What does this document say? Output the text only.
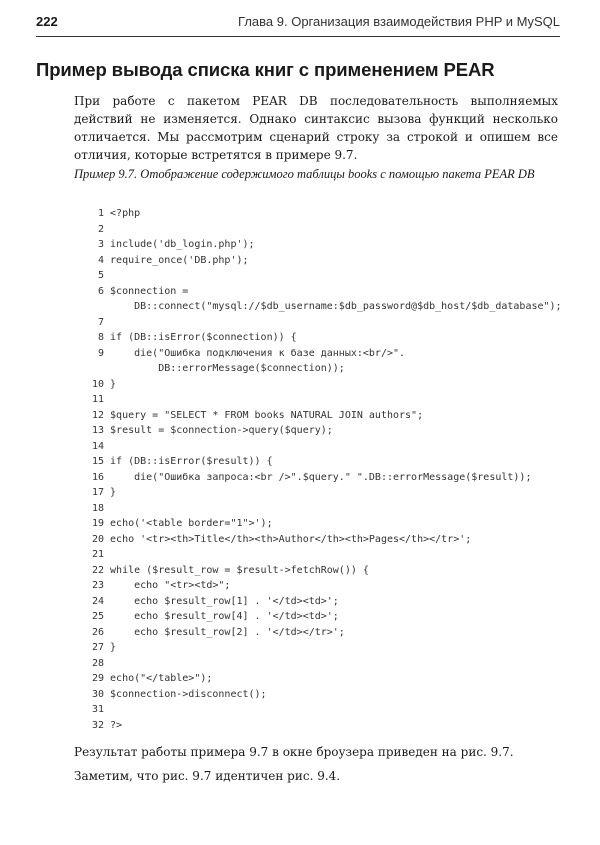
222	Глава 9. Организация взаимодействия PHP и MySQL
Пример вывода списка книг с применением PEAR

При работе с пакетом PEAR DB последовательность выполняемых действий не изменяется. Однако синтаксис вызова функций несколько отличается. Мы рассмотрим сценарий строку за строкой и опишем все отличия, которые встретятся в примере 9.7.

Пример 9.7. Отображение содержимого таблицы books с помощью пакета PEAR DB

1 <?php
2
3 include('db_login.php');
4 require_once('DB.php');
5
6 $connection =
DB::connect("mysql://$db_username:$db_password@$db_host/$db_database");
7
8 if (DB::isError($connection)) {
9     die("Ошибка подключения к базе данных:<br/>".
DB::errorMessage($connection));
10 }
11
12 $query = "SELECT * FROM books NATURAL JOIN authors";
13 $result = $connection->query($query);
14
15 if (DB::isError($result)) {
16     die("Ошибка запроса:<br />".$query." ".DB::errorMessage($result));
17 }
18
19 echo('<table border="1">');
20 echo '<tr><th>Title</th><th>Author</th><th>Pages</th></tr>';
21
22 while ($result_row = $result->fetchRow()) {
23     echo "<tr><td>";
24     echo $result_row[1] . '</td><td>';
25     echo $result_row[4] . '</td><td>';
26     echo $result_row[2] . '</td></tr>';
27 }
28
29 echo("</table>");
30 $connection->disconnect();
31
32 ?>

Результат работы примера 9.7 в окне броузера приведен на рис. 9.7. Заметим, что рис. 9.7 идентичен рис. 9.4.
